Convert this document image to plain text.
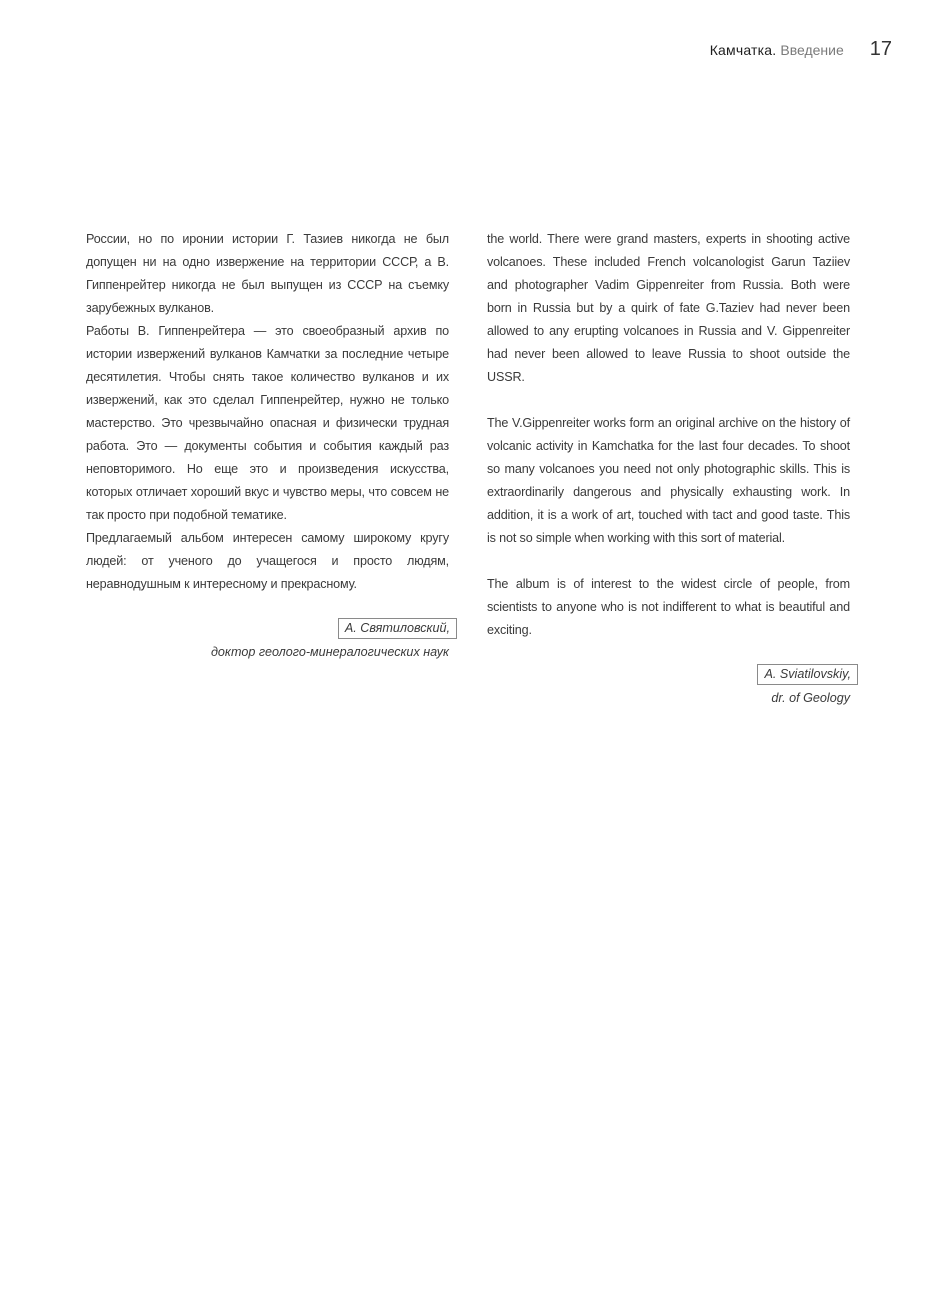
Камчатка. Введение 17

России, но по иронии истории Г. Тазиев никогда не был допущен ни на одно извержение на территории СССР, а В. Гиппенрейтер никогда не был выпущен из СССР на съемку зарубежных вулканов.

Работы В. Гиппенрейтера — это своеобразный архив по истории извержений вулканов Камчатки за последние четыре десятилетия. Чтобы снять такое количество вулканов и их извержений, как это сделал Гиппенрейтер, нужно не только мастерство. Это чрезвычайно опасная и физически трудная работа. Это — документы события и события каждый раз неповторимого. Но еще это и произведения искусства, которых отличает хороший вкус и чувство меры, что совсем не так просто при подобной тематике.

Предлагаемый альбом интересен самому широкому кругу людей: от ученого до учащегося и просто людям, неравнодушным к интересному и прекрасному.

А. Святиловский,
доктор геолого-минералогических наук

the world. There were grand masters, experts in shooting active volcanoes. These included French volcanologist Garun Taziiev and photographer Vadim Gippenreiter from Russia. Both were born in Russia but by a quirk of fate G.Taziev had never been allowed to any erupting volcanoes in Russia and V. Gippenreiter had never been allowed to leave Russia to shoot outside the USSR.

The V.Gippenreiter works form an original archive on the history of volcanic activity in Kamchatka for the last four decades. To shoot so many volcanoes you need not only photographic skills. This is extraordinarily dangerous and physically exhausting work. In addition, it is a work of art, touched with tact and good taste. This is not so simple when working with this sort of material.

The album is of interest to the widest circle of people, from scientists to anyone who is not indifferent to what is beautiful and exciting.

A. Sviatilovskiy,
dr. of Geology
